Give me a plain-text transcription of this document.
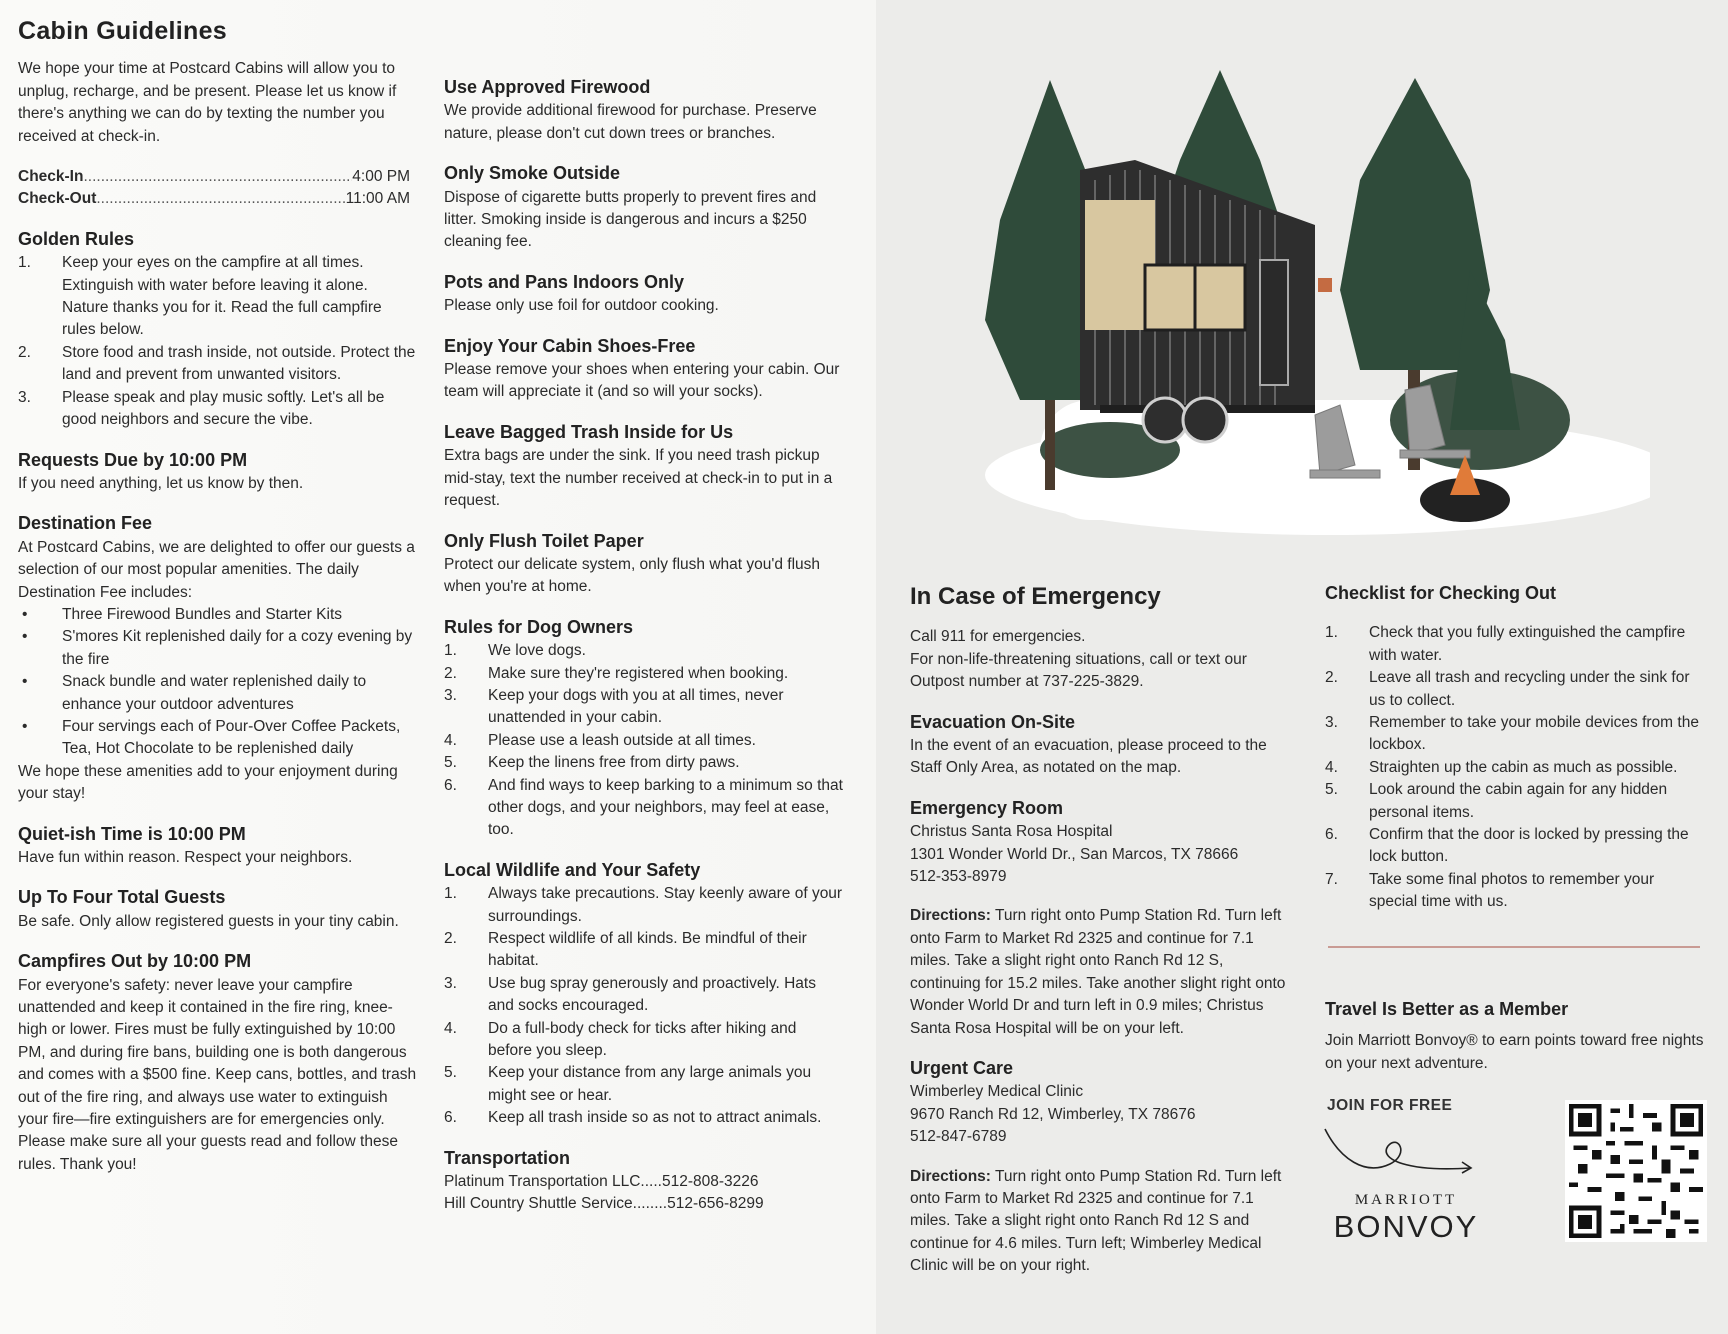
Cabin Guidelines

We hope your time at Postcard Cabins will allow you to unplug, recharge, and be present. Please let us know if there's anything we can do by texting the number you received at check-in.

Check-In .....	4:00 PM
Check-Out .....	11:00 AM
Golden Rules
1. Keep your eyes on the campfire at all times. Extinguish with water before leaving it alone. Nature thanks you for it. Read the full campfire rules below.
2. Store food and trash inside, not outside. Protect the land and prevent from unwanted visitors.
3. Please speak and play music softly. Let's all be good neighbors and secure the vibe.
Requests Due by 10:00 PM

If you need anything, let us know by then.

Destination Fee

At Postcard Cabins, we are delighted to offer our guests a selection of our most popular amenities. The daily Destination Fee includes:

• Three Firewood Bundles and Starter Kits
• S'mores Kit replenished daily for a cozy evening by the fire
• Snack bundle and water replenished daily to enhance your outdoor adventures
• Four servings each of Pour-Over Coffee Packets, Tea, Hot Chocolate to be replenished daily

We hope these amenities add to your enjoyment during your stay!

Quiet-ish Time is 10:00 PM

Have fun within reason. Respect your neighbors.

Up To Four Total Guests

Be safe. Only allow registered guests in your tiny cabin.

Campfires Out by 10:00 PM

For everyone's safety: never leave your campfire unattended and keep it contained in the fire ring, knee-high or lower. Fires must be fully extinguished by 10:00 PM, and during fire bans, building one is both dangerous and comes with a $500 fine. Keep cans, bottles, and trash out of the fire ring, and always use water to extinguish your fire—fire extinguishers are for emergencies only. Please make sure all your guests read and follow these rules. Thank you!

Use Approved Firewood

We provide additional firewood for purchase. Preserve nature, please don't cut down trees or branches.

Only Smoke Outside

Dispose of cigarette butts properly to prevent fires and litter. Smoking inside is dangerous and incurs a $250 cleaning fee.

Pots and Pans Indoors Only

Please only use foil for outdoor cooking.

Enjoy Your Cabin Shoes-Free

Please remove your shoes when entering your cabin. Our team will appreciate it (and so will your socks).

Leave Bagged Trash Inside for Us

Extra bags are under the sink. If you need trash pickup mid-stay, text the number received at check-in to put in a request.

Only Flush Toilet Paper

Protect our delicate system, only flush what you'd flush when you're at home.

Rules for Dog Owners
1. We love dogs.
2. Make sure they're registered when booking.
3. Keep your dogs with you at all times, never unattended in your cabin.
4. Please use a leash outside at all times.
5. Keep the linens free from dirty paws.
6. And find ways to keep barking to a minimum so that other dogs, and your neighbors, may feel at ease, too.
Local Wildlife and Your Safety
1. Always take precautions. Stay keenly aware of your surroundings.
2. Respect wildlife of all kinds. Be mindful of their habitat.
3. Use bug spray generously and proactively. Hats and socks encouraged.
4. Do a full-body check for ticks after hiking and before you sleep.
5. Keep your distance from any large animals you might see or hear.
6. Keep all trash inside so as not to attract animals.
Transportation
Platinum Transportation LLC.....512-808-3226
Hill Country Shuttle Service........512-656-8299
In Case of Emergency

Call 911 for emergencies.

For non-life-threatening situations, call or text our Outpost number at 737-225-3829.

Evacuation On-Site

In the event of an evacuation, please proceed to the Staff Only Area, as notated on the map.

Emergency Room

Christus Santa Rosa Hospital

1301 Wonder World Dr., San Marcos, TX 78666

512-353-8979

Directions: Turn right onto Pump Station Rd. Turn left onto Farm to Market Rd 2325 and continue for 7.1 miles. Take a slight right onto Ranch Rd 12 S, continuing for 15.2 miles. Take another slight right onto Wonder World Dr and turn left in 0.9 miles; Christus Santa Rosa Hospital will be on your left.

Urgent Care

Wimberley Medical Clinic

9670 Ranch Rd 12, Wimberley, TX 78676

512-847-6789

Directions: Turn right onto Pump Station Rd. Turn left onto Farm to Market Rd 2325 and continue for 7.1 miles. Take a slight right onto Ranch Rd 12 S and continue for 4.6 miles. Turn left; Wimberley Medical Clinic will be on your right.

Checklist for Checking Out
1. Check that you fully extinguished the campfire with water.
2. Leave all trash and recycling under the sink for us to collect.
3. Remember to take your mobile devices from the lockbox.
4. Straighten up the cabin as much as possible.
5. Look around the cabin again for any hidden personal items.
6. Confirm that the door is locked by pressing the lock button.
7. Take some final photos to remember your special time with us.
Travel Is Better as a Member

Join Marriott Bonvoy® to earn points toward free nights on your next adventure.

JOIN FOR FREE
MARRIOTT
BONVOY
